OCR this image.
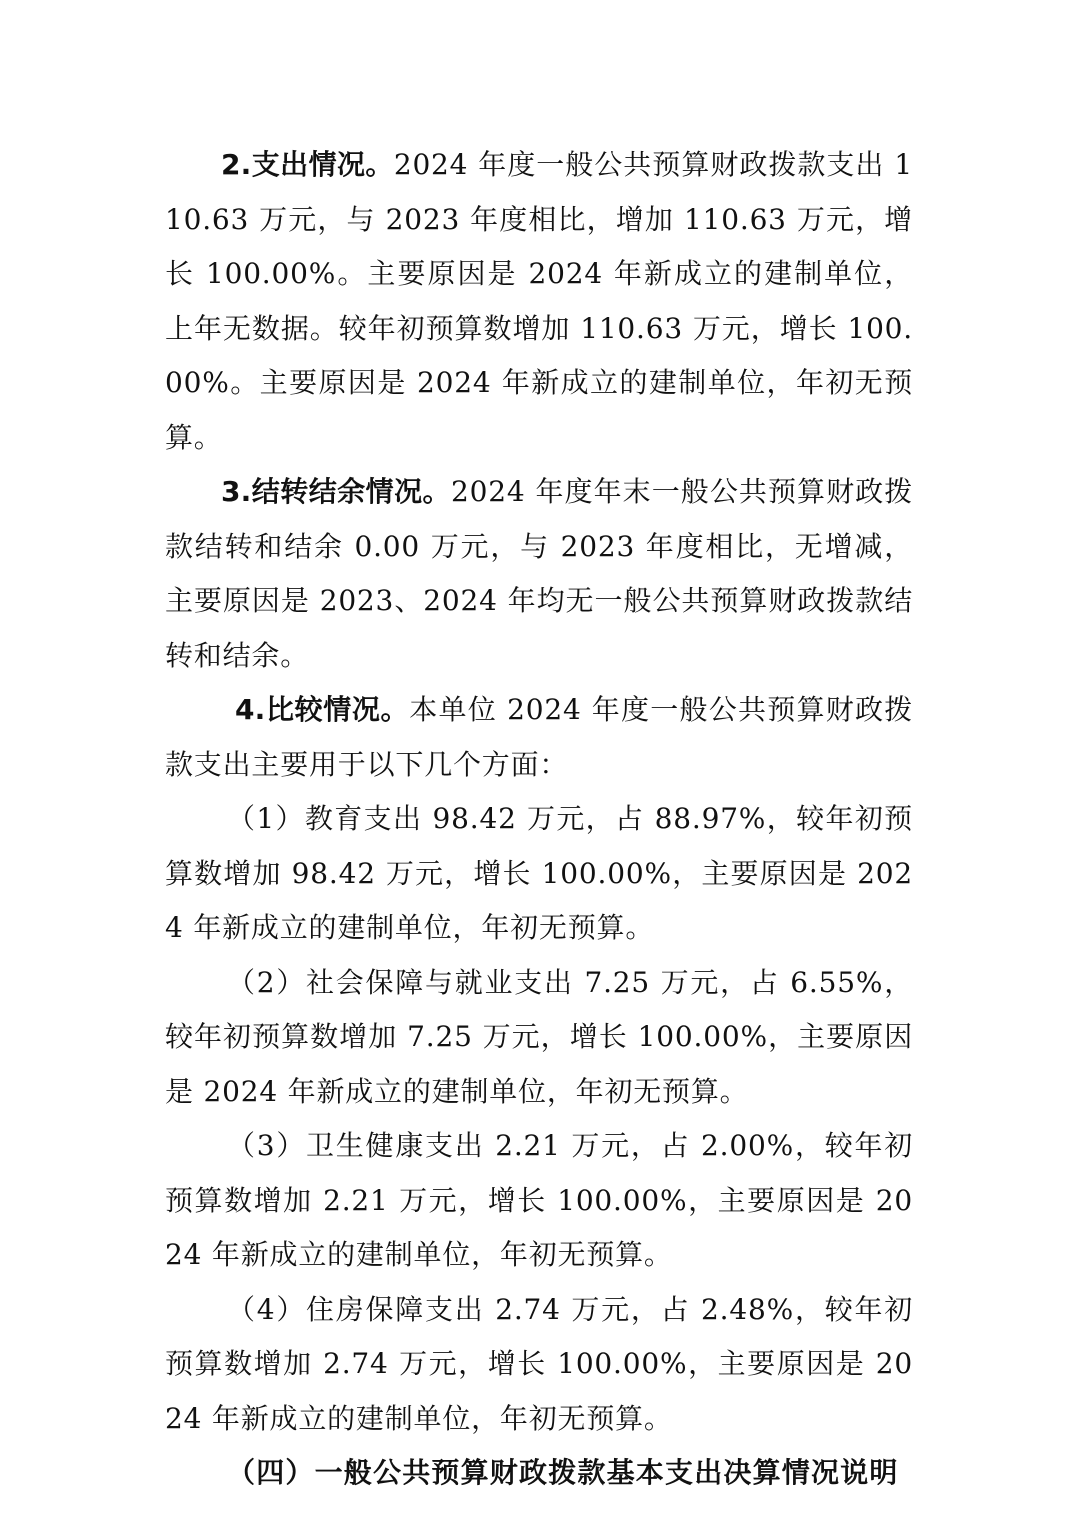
2.支出情况。2024 年度一般公共预算财政拨款支出 110.63 万元，与 2023 年度相比，增加 110.63 万元，增长 100.00%。主要原因是 2024 年新成立的建制单位，上年无数据。较年初预算数增加 110.63 万元，增长 100.00%。主要原因是 2024 年新成立的建制单位，年初无预算。

3.结转结余情况。2024 年度年末一般公共预算财政拨款结转和结余 0.00 万元，与 2023 年度相比，无增减，主要原因是 2023、2024 年均无一般公共预算财政拨款结转和结余。

4.比较情况。本单位 2024 年度一般公共预算财政拨款支出主要用于以下几个方面：

（1）教育支出 98.42 万元，占 88.97%，较年初预算数增加 98.42 万元，增长 100.00%，主要原因是 2024 年新成立的建制单位，年初无预算。

（2）社会保障与就业支出 7.25 万元，占 6.55%，较年初预算数增加 7.25 万元，增长 100.00%，主要原因是 2024 年新成立的建制单位，年初无预算。

（3）卫生健康支出 2.21 万元，占 2.00%，较年初预算数增加 2.21 万元，增长 100.00%，主要原因是 2024 年新成立的建制单位，年初无预算。

（4）住房保障支出 2.74 万元，占 2.48%，较年初预算数增加 2.74 万元，增长 100.00%，主要原因是 2024 年新成立的建制单位，年初无预算。

（四）一般公共预算财政拨款基本支出决算情况说明
